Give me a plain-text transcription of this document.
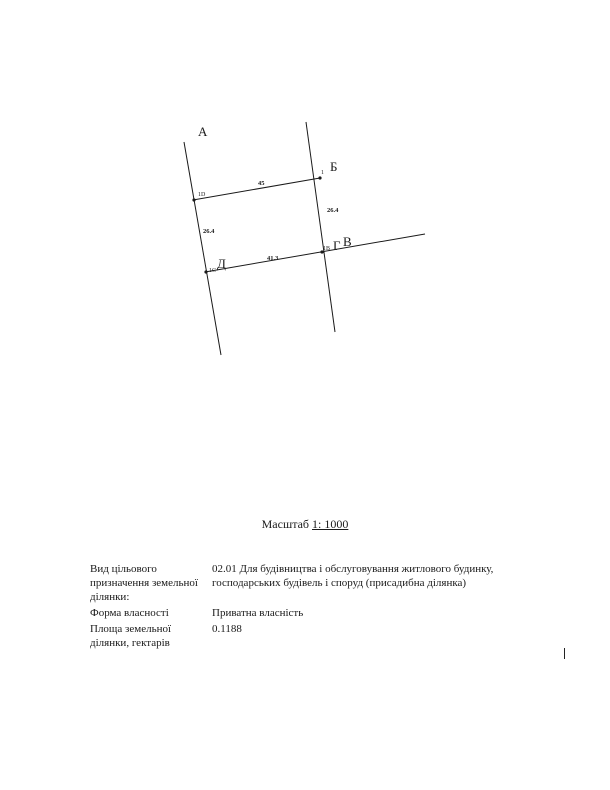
А
Б
Г В
Д
1
1D
1C
1B
45
26.4
26.4
41.3
Масштаб 1: 1000
Вид цільового призначення земельної ділянки:
02.01 Для будівництва і обслуговування житлового будинку, господарських будівель і споруд (присадибна ділянка)
Форма власності	Приватна власність
Площа земельної ділянки, гектарів
0.1188
